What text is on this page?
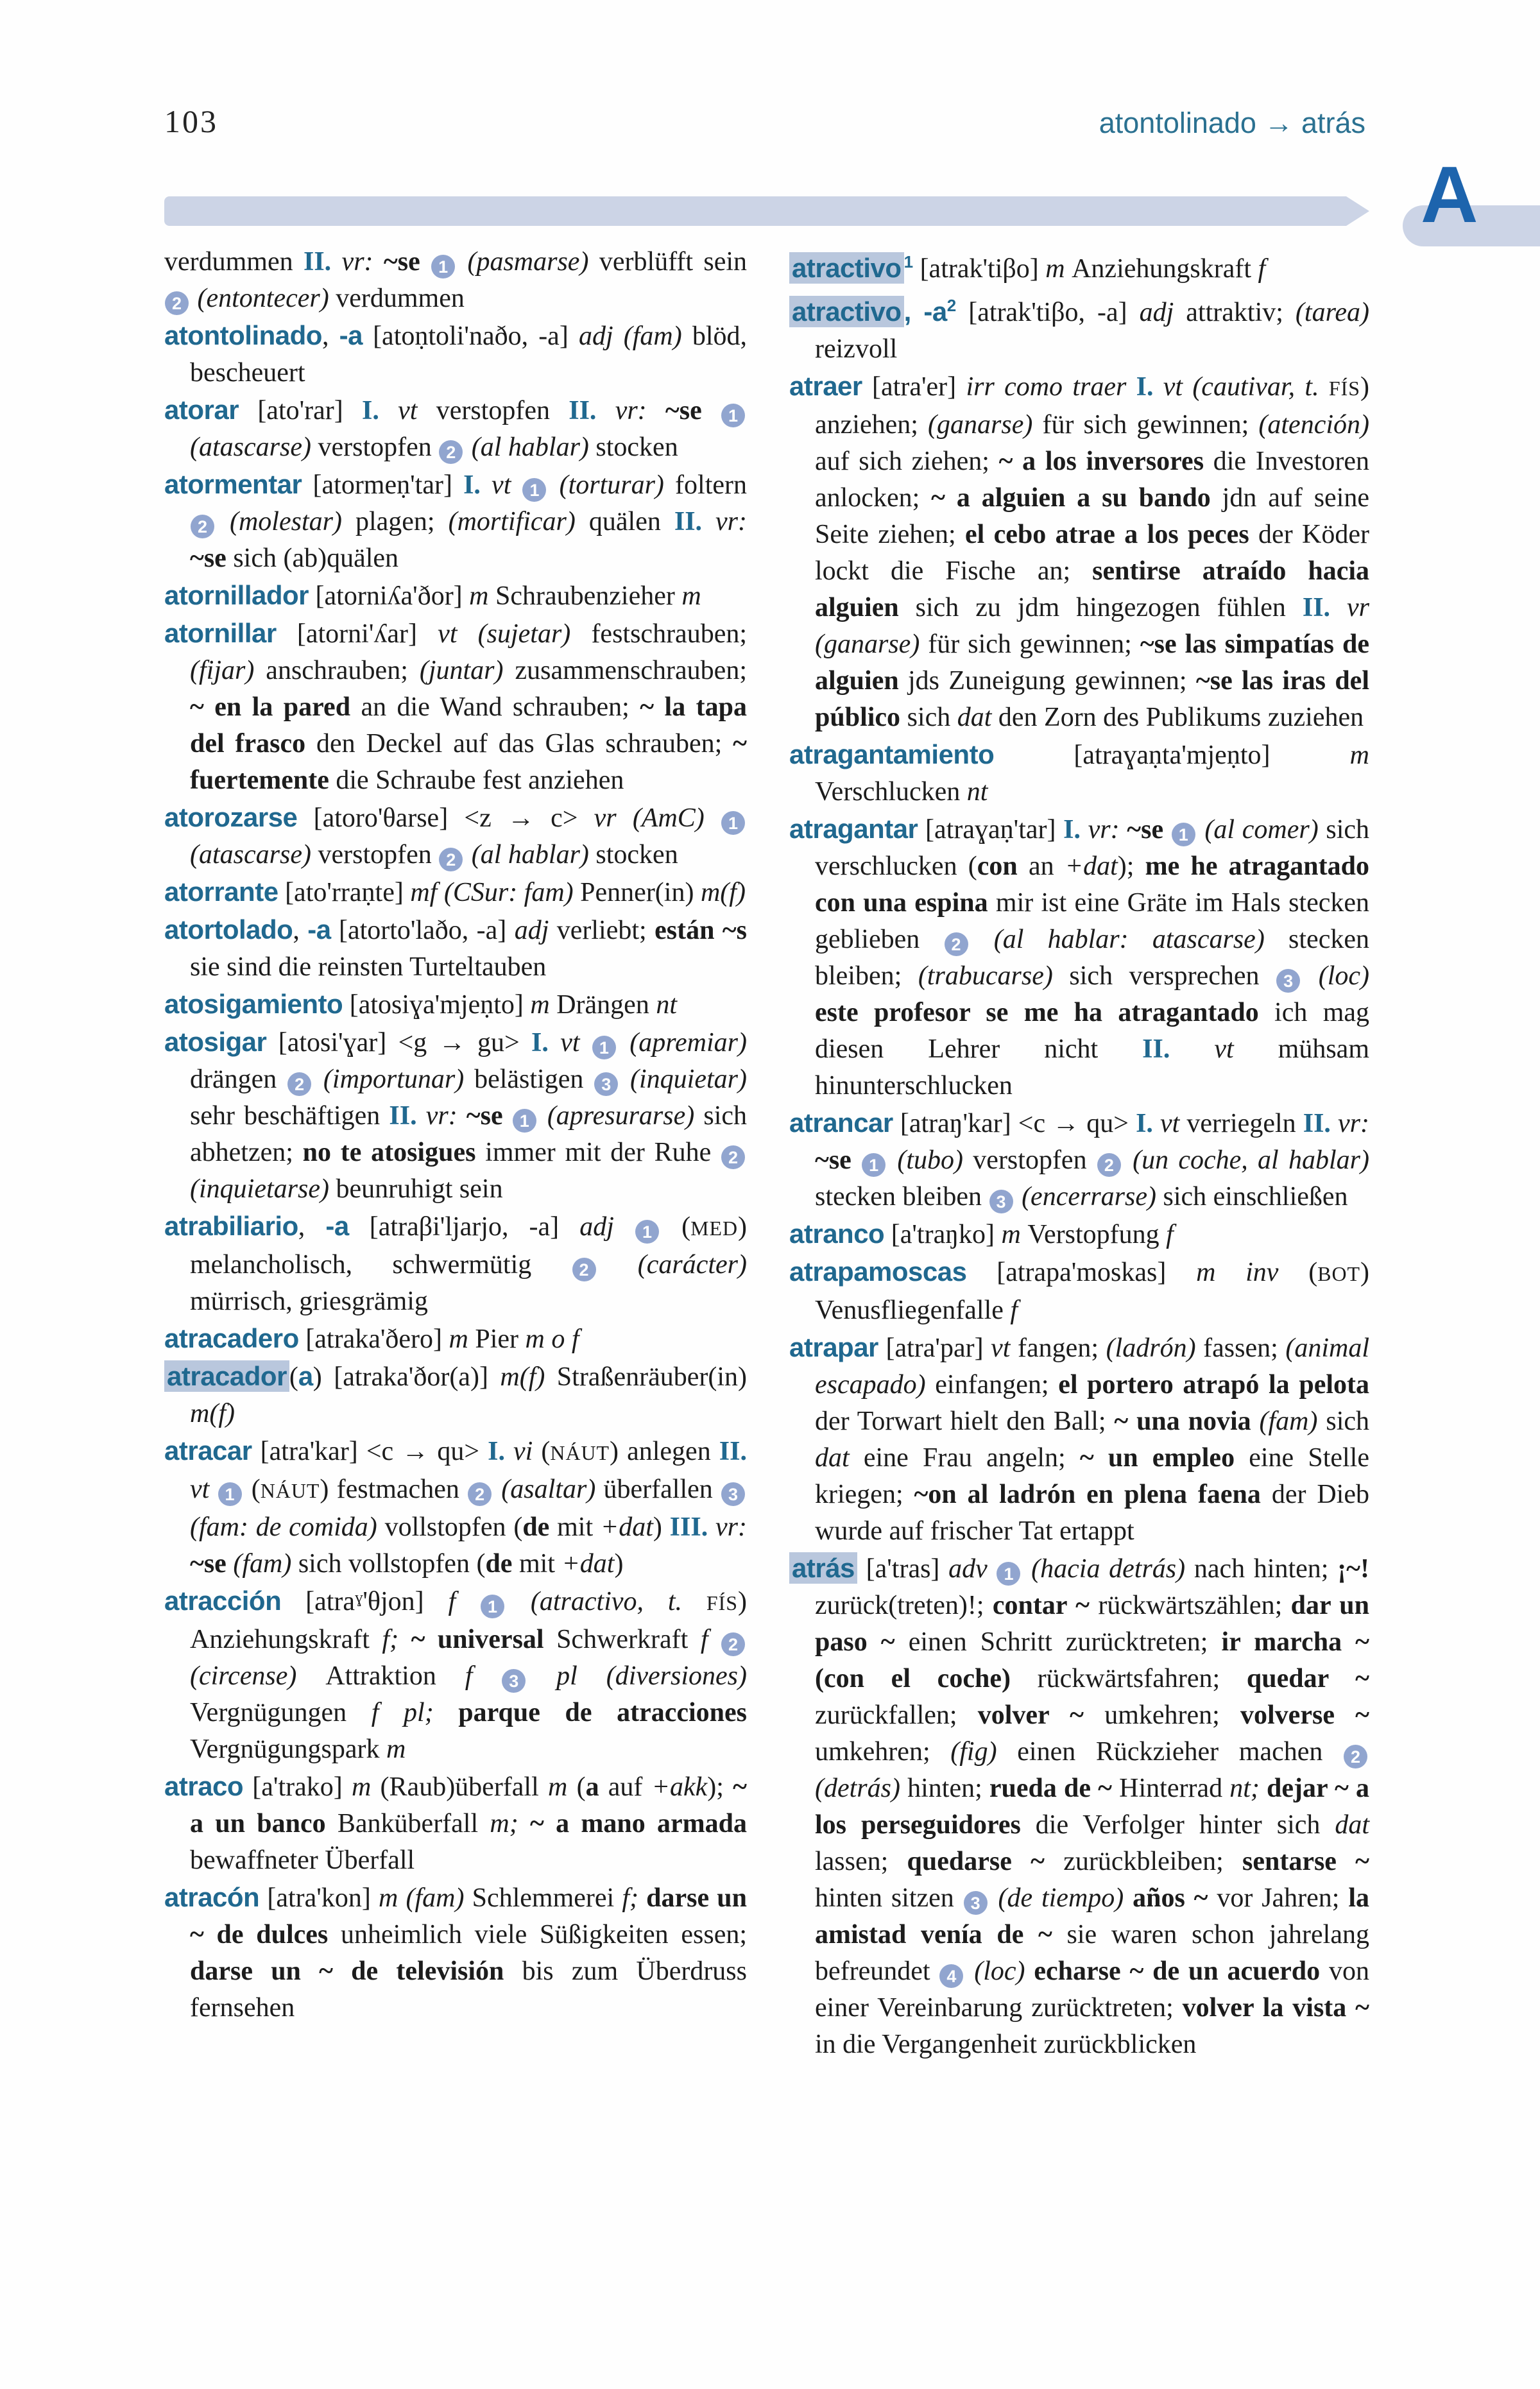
103	atontolinado → atrás
A

verdummen II. vr: ~se 1 (pasmarse) verblüfft sein 2 (entontecer) verdummen

atontolinado, -a [atoṇtoli'naðo, -a] adj (fam) blöd, bescheuert

atorar [ato'rar] I. vt verstopfen II. vr: ~se 1 (atascarse) verstopfen 2 (al hablar) stocken

atormentar [atormeṇ'tar] I. vt 1 (torturar) foltern 2 (molestar) plagen; (mortificar) quälen II. vr: ~se sich (ab)quälen

atornillador [atorniʎa'ðor] m Schraubenzieher m

atornillar [atorni'ʎar] vt (sujetar) festschrauben; (fijar) anschrauben; (juntar) zusammenschrauben; ~ en la pared an die Wand schrauben; ~ la tapa del frasco den Deckel auf das Glas schrauben; ~ fuertemente die Schraube fest anziehen

atorozarse [atoro'θarse] <z → c> vr (AmC) 1 (atascarse) verstopfen 2 (al hablar) stocken

atorrante [ato'rraṇte] mf (CSur: fam) Penner(in) m(f)

atortolado, -a [atorto'laðo, -a] adj verliebt; están ~s sie sind die reinsten Turteltauben

atosigamiento [atosiɣa'mjeṇto] m Drängen nt

atosigar [atosi'ɣar] <g → gu> I. vt 1 (apremiar) drängen 2 (importunar) belästigen 3 (inquietar) sehr beschäftigen II. vr: ~se 1 (apresurarse) sich abhetzen; no te atosigues immer mit der Ruhe 2 (inquietarse) beunruhigt sein

atrabiliario, -a [atraβi'ljarjo, -a] adj 1 (MED) melancholisch, schwermütig 2 (carácter) mürrisch, griesgrämig

atracadero [atraka'ðero] m Pier m o f

atracador(a) [atraka'ðor(a)] m(f) Straßenräuber(in) m(f)

atracar [atra'kar] <c → qu> I. vi (NÁUT) anlegen II. vt 1 (NÁUT) festmachen 2 (asaltar) überfallen 3 (fam: de comida) vollstopfen (de mit +dat) III. vr: ~se (fam) sich vollstopfen (de mit +dat)

atracción [atraˠ'θjon] f 1 (atractivo, t. FÍS) Anziehungskraft f; ~ universal Schwerkraft f 2 (circense) Attraktion f 3 pl (diversiones) Vergnügungen f pl; parque de atracciones Vergnügungspark m

atraco [a'trako] m (Raub)überfall m (a auf +akk); ~ a un banco Banküberfall m; ~ a mano armada bewaffneter Überfall

atracón [atra'kon] m (fam) Schlemmerei f; darse un ~ de dulces unheimlich viele Süßigkeiten essen; darse un ~ de televisión bis zum Überdruss fernsehen

atractivo $^1$ [atrak'tiβo] m Anziehungskraft f

atractivo, $-a^2$ [atrak'tiβo, -a] adj attraktiv; (tarea) reizvoll

atraer [atra'er] irr como traer I. vt (cautivar, t. FÍS) anziehen; (ganarse) für sich gewinnen; (atención) auf sich ziehen; ~ a los inversores die Investoren anlocken; ~ a alguien a su bando jdn auf seine Seite ziehen; el cebo atrae a los peces der Köder lockt die Fische an; sentirse atraído hacia alguien sich zu jdm hingezogen fühlen II. vr (ganarse) für sich gewinnen; ~se las simpatías de alguien jds Zuneigung gewinnen; ~se las iras del público sich dat den Zorn des Publikums zuziehen

atragantamiento [atraɣaṇta'mjeṇto] m Verschlucken nt

atragantar [atraɣaṇ'tar] I. vr: ~se 1 (al comer) sich verschlucken (con an +dat); me he atragantado con una espina mir ist eine Gräte im Hals stecken geblieben 2 (al hablar: atascarse) stecken bleiben; (trabucarse) sich versprechen 3 (loc) este profesor se me ha atragantado ich mag diesen Lehrer nicht II. vt mühsam hinunterschlucken

atrancar [atraŋ'kar] <c → qu> I. vt verriegeln II. vr: ~se 1 (tubo) verstopfen 2 (un coche, al hablar) stecken bleiben 3 (encerrarse) sich einschließen

atranco [a'traŋko] m Verstopfung f

atrapamoscas [atrapa'moskas] m inv (BOT) Venusfliegenfalle f

atrapar [atra'par] vt fangen; (ladrón) fassen; (animal escapado) einfangen; el portero atrapó la pelota der Torwart hielt den Ball; ~ una novia (fam) sich dat eine Frau angeln; ~ un empleo eine Stelle kriegen; ~on al ladrón en plena faena der Dieb wurde auf frischer Tat ertappt

atrás [a'tras] adv 1 (hacia detrás) nach hinten; ¡~! zurück(treten)!; contar ~ rückwärtszählen; dar un paso ~ einen Schritt zurücktreten; ir marcha ~ (con el coche) rückwärtsfahren; quedar ~ zurückfallen; volver ~ umkehren; volverse ~ umkehren; (fig) einen Rückzieher machen 2 (detrás) hinten; rueda de ~ Hinterrad nt; dejar ~ a los perseguidores die Verfolger hinter sich dat lassen; quedarse ~ zurückbleiben; sentarse ~ hinten sitzen 3 (de tiempo) años ~ vor Jahren; la amistad venía de ~ sie waren schon jahrelang befreundet 4 (loc) echarse ~ de un acuerdo von einer Vereinbarung zurücktreten; volver la vista ~ in die Vergangenheit zurückblicken
